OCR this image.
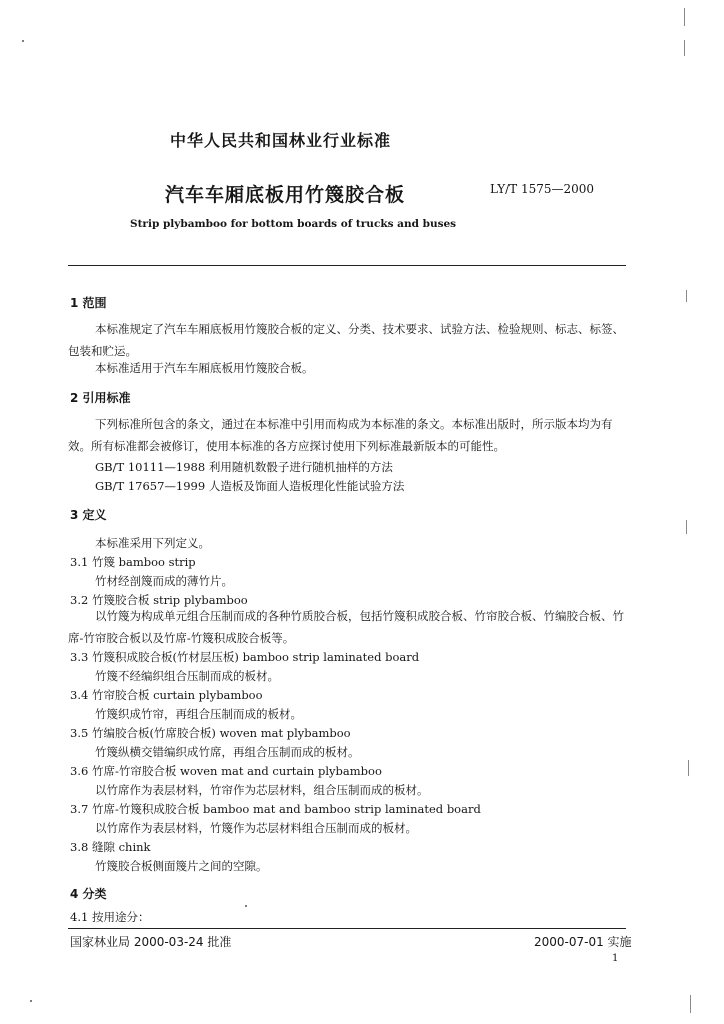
中华人民共和国林业行业标准
汽车车厢底板用竹篾胶合板	LY/T 1575—2000
Strip plybamboo for bottom boards of trucks and buses
1 范围
本标准规定了汽车车厢底板用竹篾胶合板的定义、分类、技术要求、试验方法、检验规则、标志、标签、包装和贮运。
本标准适用于汽车车厢底板用竹篾胶合板。
2 引用标准
下列标准所包含的条文，通过在本标准中引用而构成为本标准的条文。本标准出版时，所示版本均为有效。所有标准都会被修订，使用本标准的各方应探讨使用下列标准最新版本的可能性。
GB/T 10111—1988 利用随机数骰子进行随机抽样的方法
GB/T 17657—1999 人造板及饰面人造板理化性能试验方法
3 定义
本标准采用下列定义。
3.1 竹篾 bamboo strip
竹材经剖篾而成的薄竹片。
3.2 竹篾胶合板 strip plybamboo
以竹篾为构成单元组合压制而成的各种竹质胶合板，包括竹篾积成胶合板、竹帘胶合板、竹编胶合板、竹席-竹帘胶合板以及竹席-竹篾积成胶合板等。
3.3 竹篾积成胶合板(竹材层压板) bamboo strip laminated board
竹篾不经编织组合压制而成的板材。
3.4 竹帘胶合板 curtain plybamboo
竹篾织成竹帘，再组合压制而成的板材。
3.5 竹编胶合板(竹席胶合板) woven mat plybamboo
竹篾纵横交错编织成竹席，再组合压制而成的板材。
3.6 竹席-竹帘胶合板 woven mat and curtain plybamboo
以竹席作为表层材料，竹帘作为芯层材料，组合压制而成的板材。
3.7 竹席-竹篾积成胶合板 bamboo mat and bamboo strip laminated board
以竹席作为表层材料，竹篾作为芯层材料组合压制而成的板材。
3.8 缝隙 chink
竹篾胶合板侧面篾片之间的空隙。
4 分类
4.1 按用途分：
国家林业局 2000-03-24 批准	2000-07-01 实施
1
